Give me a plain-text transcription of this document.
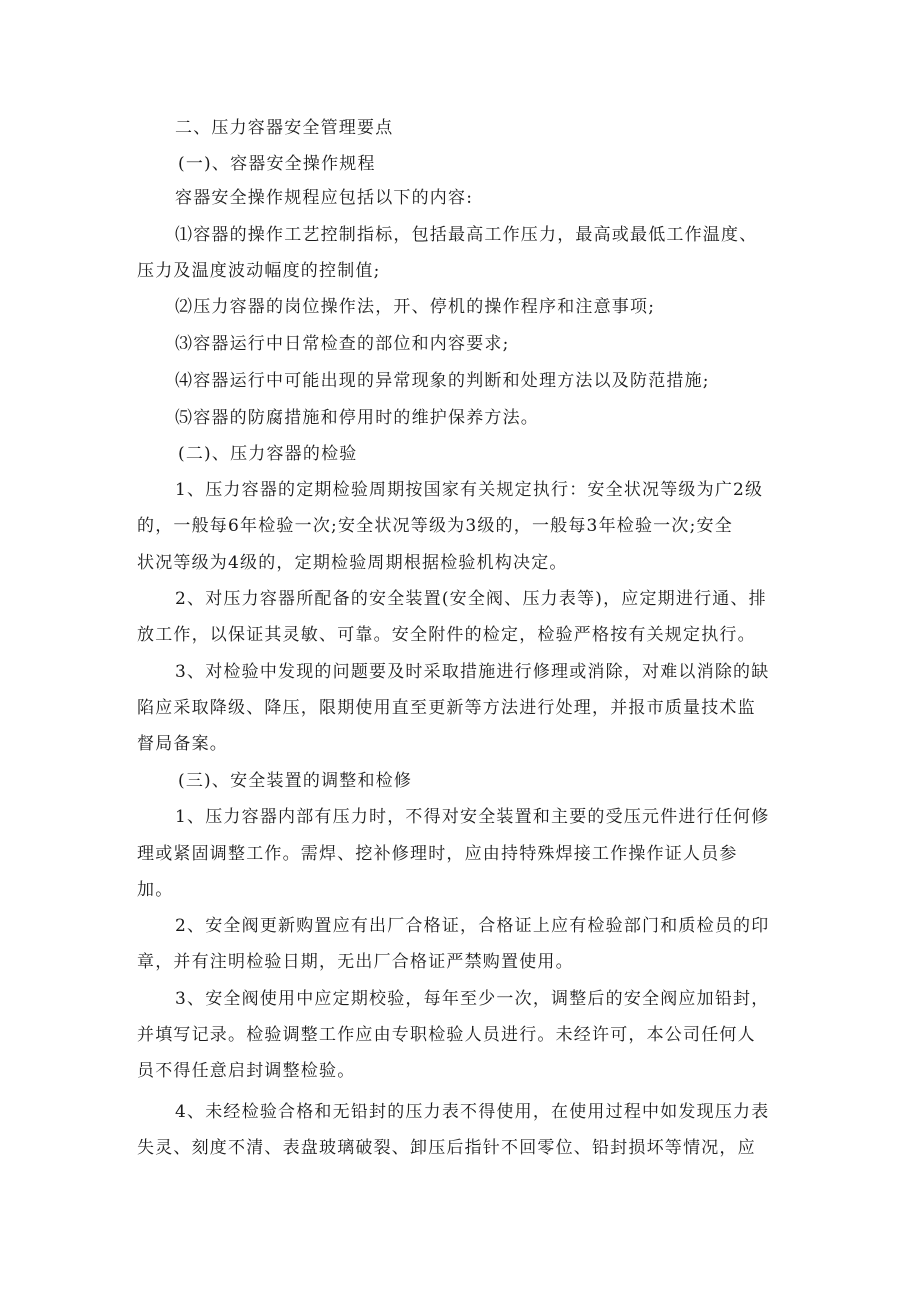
二、压力容器安全管理要点
(一)、容器安全操作规程
容器安全操作规程应包括以下的内容:
⑴容器的操作工艺控制指标，包括最高工作压力，最高或最低工作温度、
压力及温度波动幅度的控制值;
⑵压力容器的岗位操作法，开、停机的操作程序和注意事项;
⑶容器运行中日常检查的部位和内容要求;
⑷容器运行中可能出现的异常现象的判断和处理方法以及防范措施;
⑸容器的防腐措施和停用时的维护保养方法。
(二)、压力容器的检验
1、压力容器的定期检验周期按国家有关规定执行：安全状况等级为广2级
的，一般每6年检验一次;安全状况等级为3级的，一般每3年检验一次;安全
状况等级为4级的，定期检验周期根据检验机构决定。
2、对压力容器所配备的安全装置(安全阀、压力表等)，应定期进行通、排
放工作，以保证其灵敏、可靠。安全附件的检定，检验严格按有关规定执行。
3、对检验中发现的问题要及时采取措施进行修理或消除，对难以消除的缺
陷应采取降级、降压，限期使用直至更新等方法进行处理，并报市质量技术监
督局备案。
(三)、安全装置的调整和检修
1、压力容器内部有压力时，不得对安全装置和主要的受压元件进行任何修
理或紧固调整工作。需焊、挖补修理时，应由持特殊焊接工作操作证人员参
加。
2、安全阀更新购置应有出厂合格证，合格证上应有检验部门和质检员的印
章，并有注明检验日期，无出厂合格证严禁购置使用。
3、安全阀使用中应定期校验，每年至少一次，调整后的安全阀应加铅封，
并填写记录。检验调整工作应由专职检验人员进行。未经许可，本公司任何人
员不得任意启封调整检验。
4、未经检验合格和无铅封的压力表不得使用，在使用过程中如发现压力表
失灵、刻度不清、表盘玻璃破裂、卸压后指针不回零位、铅封损坏等情况，应
